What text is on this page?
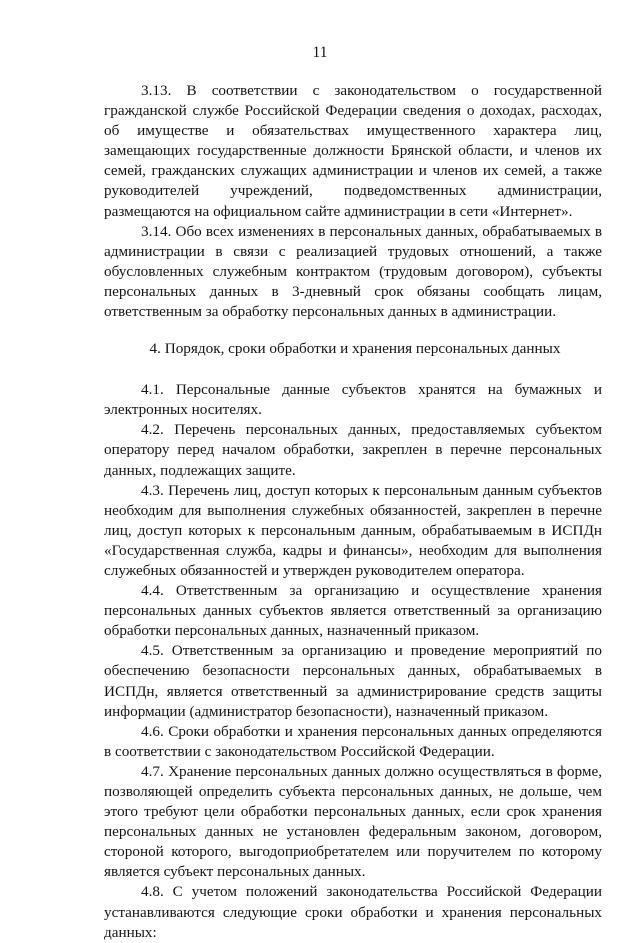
11

3.13. В соответствии с законодательством о государственной гражданской службе Российской Федерации сведения о доходах, расходах, об имуществе и обязательствах имущественного характера лиц, замещающих государственные должности Брянской области, и членов их семей, гражданских служащих администрации и членов их семей, а также руководителей учреждений, подведомственных администрации, размещаются на официальном сайте администрации в сети «Интернет».

3.14. Обо всех изменениях в персональных данных, обрабатываемых в администрации в связи с реализацией трудовых отношений, а также обусловленных служебным контрактом (трудовым договором), субъекты персональных данных в 3-дневный срок обязаны сообщать лицам, ответственным за обработку персональных данных в администрации.

4. Порядок, сроки обработки и хранения персональных данных

4.1. Персональные данные субъектов хранятся на бумажных и электронных носителях.

4.2. Перечень персональных данных, предоставляемых субъектом оператору перед началом обработки, закреплен в перечне персональных данных, подлежащих защите.

4.3. Перечень лиц, доступ которых к персональным данным субъектов необходим для выполнения служебных обязанностей, закреплен в перечне лиц, доступ которых к персональным данным, обрабатываемым в ИСПДн «Государственная служба, кадры и финансы», необходим для выполнения служебных обязанностей и утвержден руководителем оператора.

4.4. Ответственным за организацию и осуществление хранения персональных данных субъектов является ответственный за организацию обработки персональных данных, назначенный приказом.

4.5. Ответственным за организацию и проведение мероприятий по обеспечению безопасности персональных данных, обрабатываемых в ИСПДн, является ответственный за администрирование средств защиты информации (администратор безопасности), назначенный приказом.

4.6. Сроки обработки и хранения персональных данных определяются в соответствии с законодательством Российской Федерации.

4.7. Хранение персональных данных должно осуществляться в форме, позволяющей определить субъекта персональных данных, не дольше, чем этого требуют цели обработки персональных данных, если срок хранения персональных данных не установлен федеральным законом, договором, стороной которого, выгодоприобретателем или поручителем по которому является субъект персональных данных.

4.8. С учетом положений законодательства Российской Федерации устанавливаются следующие сроки обработки и хранения персональных данных:
